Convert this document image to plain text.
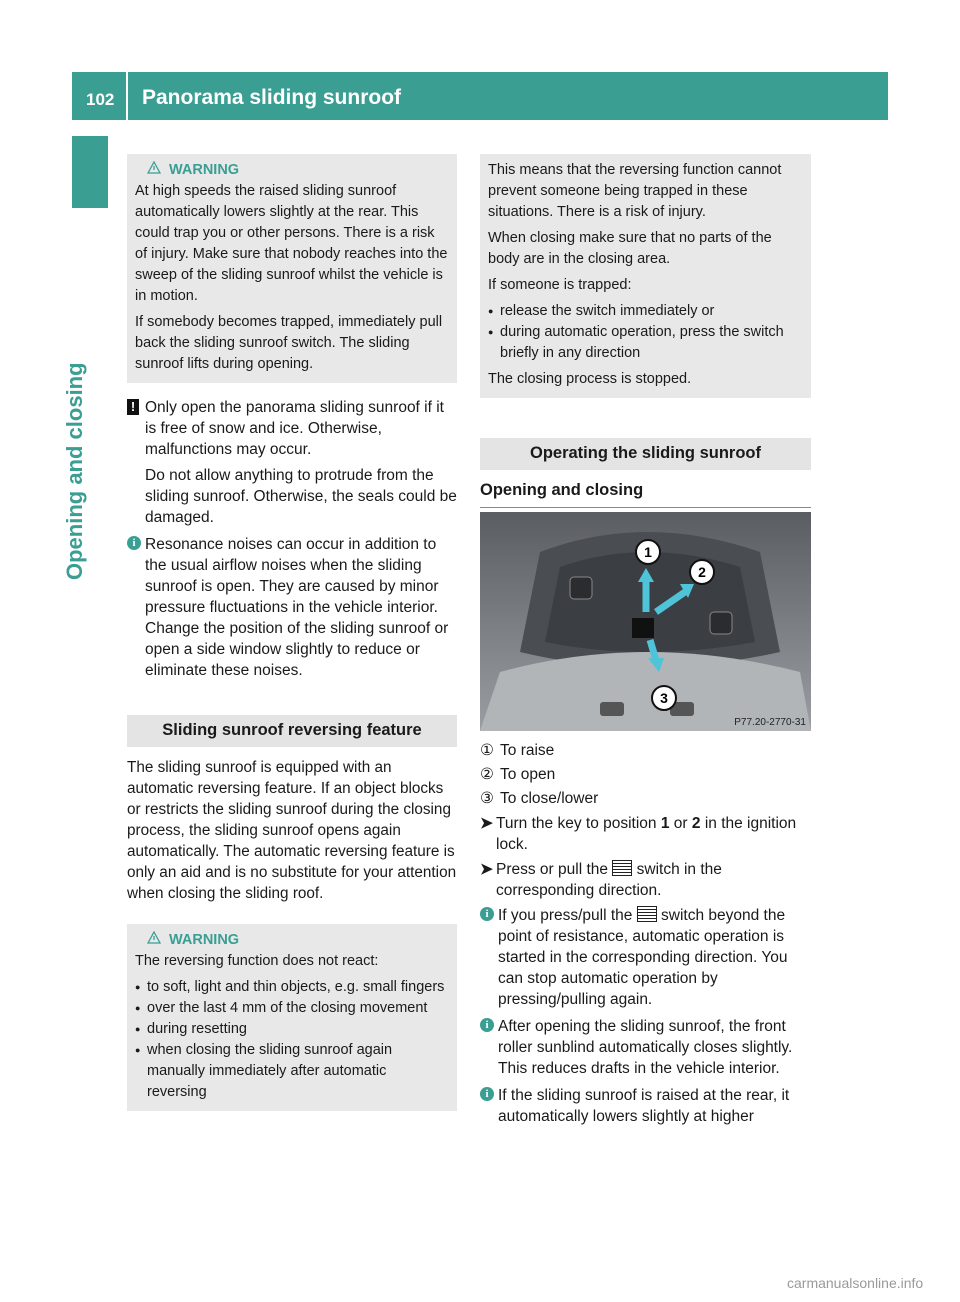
102 Panorama sliding sunroof
Opening and closing
WARNING

At high speeds the raised sliding sunroof automatically lowers slightly at the rear. This could trap you or other persons. There is a risk of injury. Make sure that nobody reaches into the sweep of the sliding sunroof whilst the vehicle is in motion.

If somebody becomes trapped, immediately pull back the sliding sunroof switch. The sliding sunroof lifts during opening.

! Only open the panorama sliding sunroof if it is free of snow and ice. Otherwise, malfunctions may occur.

Do not allow anything to protrude from the sliding sunroof. Otherwise, the seals could be damaged.

i Resonance noises can occur in addition to the usual airflow noises when the sliding sunroof is open. They are caused by minor pressure fluctuations in the vehicle interior. Change the position of the sliding sunroof or open a side window slightly to reduce or eliminate these noises.

Sliding sunroof reversing feature

The sliding sunroof is equipped with an automatic reversing feature. If an object blocks or restricts the sliding sunroof during the closing process, the sliding sunroof opens again automatically. The automatic reversing feature is only an aid and is no substitute for your attention when closing the sliding roof.

WARNING

The reversing function does not react:

● to soft, light and thin objects, e.g. small fingers
● over the last 4 mm of the closing movement
● during resetting
● when closing the sliding sunroof again manually immediately after automatic reversing

This means that the reversing function cannot prevent someone being trapped in these situations. There is a risk of injury.

When closing make sure that no parts of the body are in the closing area.

If someone is trapped:

● release the switch immediately or
● during automatic operation, press the switch briefly in any direction

The closing process is stopped.

Operating the sliding sunroof
Opening and closing
1
2
3
P77.20-2770-31
① To raise
② To open
③ To close/lower
➤ Turn the key to position 1 or 2 in the ignition lock.
➤ Press or pull the  switch in the corresponding direction.
i If you press/pull the  switch beyond the point of resistance, automatic operation is started in the corresponding direction. You can stop automatic operation by pressing/pulling again.
i After opening the sliding sunroof, the front roller sunblind automatically closes slightly. This reduces drafts in the vehicle interior.
i If the sliding sunroof is raised at the rear, it automatically lowers slightly at higher
carmanualsonline.info
